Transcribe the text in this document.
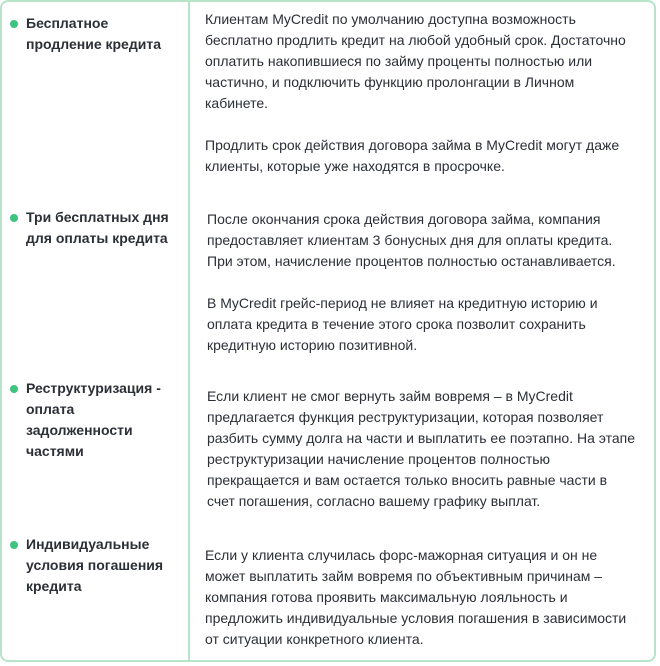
Бесплатное продление кредита

Клиентам MyCredit по умолчанию доступна возможность бесплатно продлить кредит на любой удобный срок. Достаточно оплатить накопившиеся по займу проценты полностью или частично, и подключить функцию пролонгации в Личном кабинете.

Продлить срок действия договора займа в MyCredit могут даже клиенты, которые уже находятся в просрочке.

Три бесплатных дня для оплаты кредита

После окончания срока действия договора займа, компания предоставляет клиентам 3 бонусных дня для оплаты кредита. При этом, начисление процентов полностью останавливается.

В MyCredit грейс-период не влияет на кредитную историю и оплата кредита в течение этого срока позволит сохранить кредитную историю позитивной.

Реструктуризация - оплата задолженности частями

Если клиент не смог вернуть займ вовремя – в MyCredit предлагается функция реструктуризации, которая позволяет разбить сумму долга на части и выплатить ее поэтапно. На этапе реструктуризации начисление процентов полностью прекращается и вам остается только вносить равные части в счет погашения, согласно вашему графику выплат.

Индивидуальные условия погашения кредита

Если у клиента случилась форс-мажорная ситуация и он не может выплатить займ вовремя по объективным причинам – компания готова проявить максимальную лояльность и предложить индивидуальные условия погашения в зависимости от ситуации конкретного клиента.
